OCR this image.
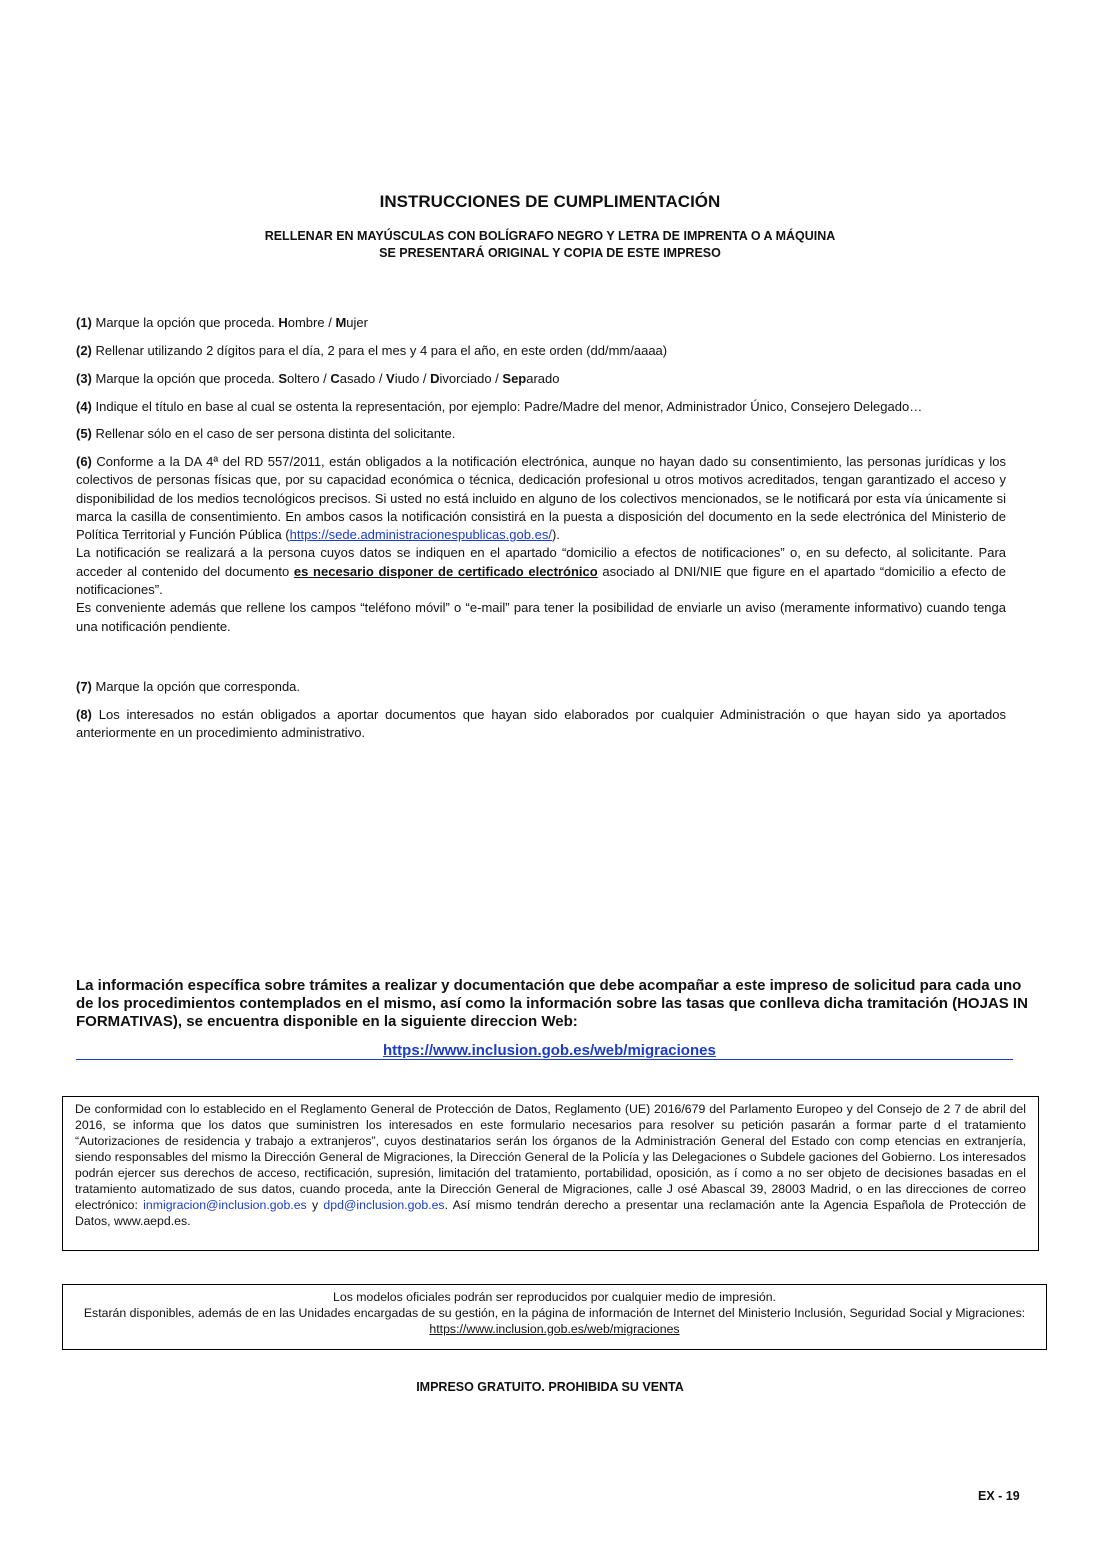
INSTRUCCIONES DE CUMPLIMENTACIÓN
RELLENAR EN MAYÚSCULAS CON BOLÍGRAFO NEGRO Y LETRA DE IMPRENTA O A MÁQUINA
SE PRESENTARÁ ORIGINAL Y COPIA DE ESTE IMPRESO
(1) Marque la opción que proceda. Hombre / Mujer
(2) Rellenar utilizando 2 dígitos para el día, 2 para el mes y 4 para el año, en este orden (dd/mm/aaaa)
(3) Marque la opción que proceda. Soltero / Casado / Viudo / Divorciado / Separado
(4) Indique el título en base al cual se ostenta la representación, por ejemplo: Padre/Madre del menor, Administrador Único, Consejero Delegado…
(5) Rellenar sólo en el caso de ser persona distinta del solicitante.
(6) Conforme a la DA 4ª del RD 557/2011, están obligados a la notificación electrónica, aunque no hayan dado su consentimiento, las personas jurídicas y los colectivos de personas físicas que, por su capacidad económica o técnica, dedicación profesional u otros motivos acreditados, tengan garantizado el acceso y disponibilidad de los medios tecnológicos precisos. Si usted no está incluido en alguno de los colectivos mencionados, se le notificará por esta vía únicamente si marca la casilla de consentimiento. En ambos casos la notificación consistirá en la puesta a disposición del documento en la sede electrónica del Ministerio de Política Territorial y Función Pública (https://sede.administracionespublicas.gob.es/).
La notificación se realizará a la persona cuyos datos se indiquen en el apartado “domicilio a efectos de notificaciones” o, en su defecto, al solicitante. Para acceder al contenido del documento es necesario disponer de certificado electrónico asociado al DNI/NIE que figure en el apartado “domicilio a efecto de notificaciones”.
Es conveniente además que rellene los campos “teléfono móvil” o “e-mail” para tener la posibilidad de enviarle un aviso (meramente informativo) cuando tenga una notificación pendiente.
(7) Marque la opción que corresponda.
(8) Los interesados no están obligados a aportar documentos que hayan sido elaborados por cualquier Administración o que hayan sido ya aportados anteriormente en un procedimiento administrativo.
La información específica sobre trámites a realizar y documentación que debe acompañar a este impreso de solicitud para cada uno de los procedimientos contemplados en el mismo, así como la información sobre las tasas que conlleva dicha tramitación (HOJAS IN FORMATIVAS), se encuentra disponible en la siguiente direccion Web:
https://www.inclusion.gob.es/web/migraciones
De conformidad con lo establecido en el Reglamento General de Protección de Datos, Reglamento (UE) 2016/679 del Parlamento Europeo y del Consejo de 2 7 de abril del 2016, se informa que los datos que suministren los interesados en este formulario necesarios para resolver su petición pasarán a formar parte d el tratamiento “Autorizaciones de residencia y trabajo a extranjeros”, cuyos destinatarios serán los órganos de la Administración General del Estado con comp etencias en extranjería, siendo responsables del mismo la Dirección General de Migraciones, la Dirección General de la Policía y las Delegaciones o Subdele gaciones del Gobierno. Los interesados podrán ejercer sus derechos de acceso, rectificación, supresión, limitación del tratamiento, portabilidad, oposición, as í como a no ser objeto de decisiones basadas en el tratamiento automatizado de sus datos, cuando proceda, ante la Dirección General de Migraciones, calle J osé Abascal 39, 28003 Madrid, o en las direcciones de correo electrónico: inmigracion@inclusion.gob.es y dpd@inclusion.gob.es. Así mismo tendrán derecho a presentar una reclamación ante la Agencia Española de Protección de Datos, www.aepd.es.
Los modelos oficiales podrán ser reproducidos por cualquier medio de impresión.
Estarán disponibles, además de en las Unidades encargadas de su gestión, en la página de información de Internet del Ministerio Inclusión, Seguridad Social y Migraciones: https://www.inclusion.gob.es/web/migraciones
IMPRESO GRATUITO. PROHIBIDA SU VENTA
EX - 19
